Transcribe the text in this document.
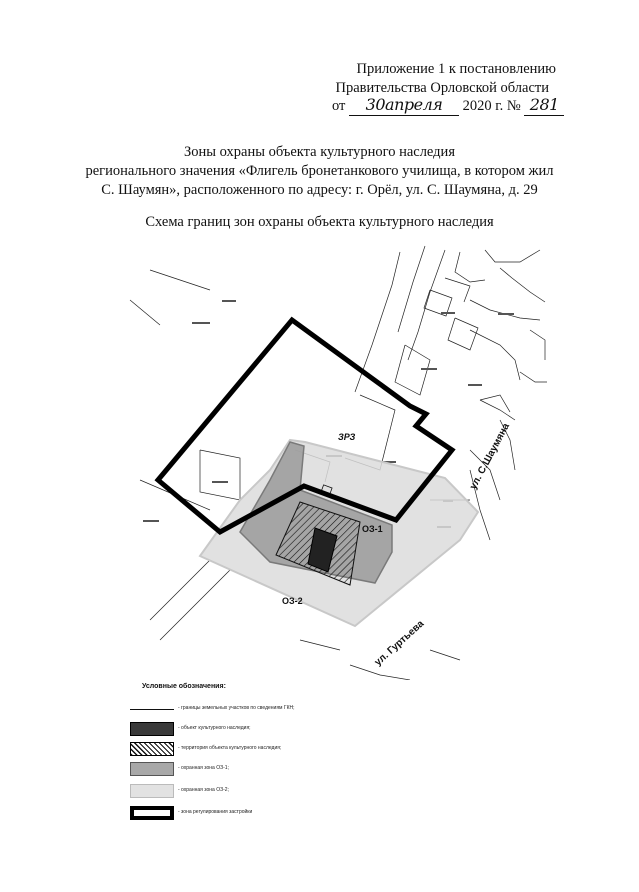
Приложение 1 к постановлению
Правительства Орловской области
от 30апреля 2020 г. № 281
Зоны охраны объекта культурного наследия
регионального значения «Флигель бронетанкового училища, в котором жил
С. Шаумян», расположенного по адресу: г. Орёл, ул. С. Шаумяна, д. 29
Схема границ зон охраны объекта культурного наследия
ЗРЗ
ОЗ-1
ОЗ-2
ул. С.Шаумяна
ул. Гуртьева
Условные обозначения:
- границы земельных участков по сведениям ГКН;
- объект культурного наследия;
- территория объекта культурного наследия;
- охранная зона ОЗ-1;
- охранная зона ОЗ-2;
- зона регулирования застройки
